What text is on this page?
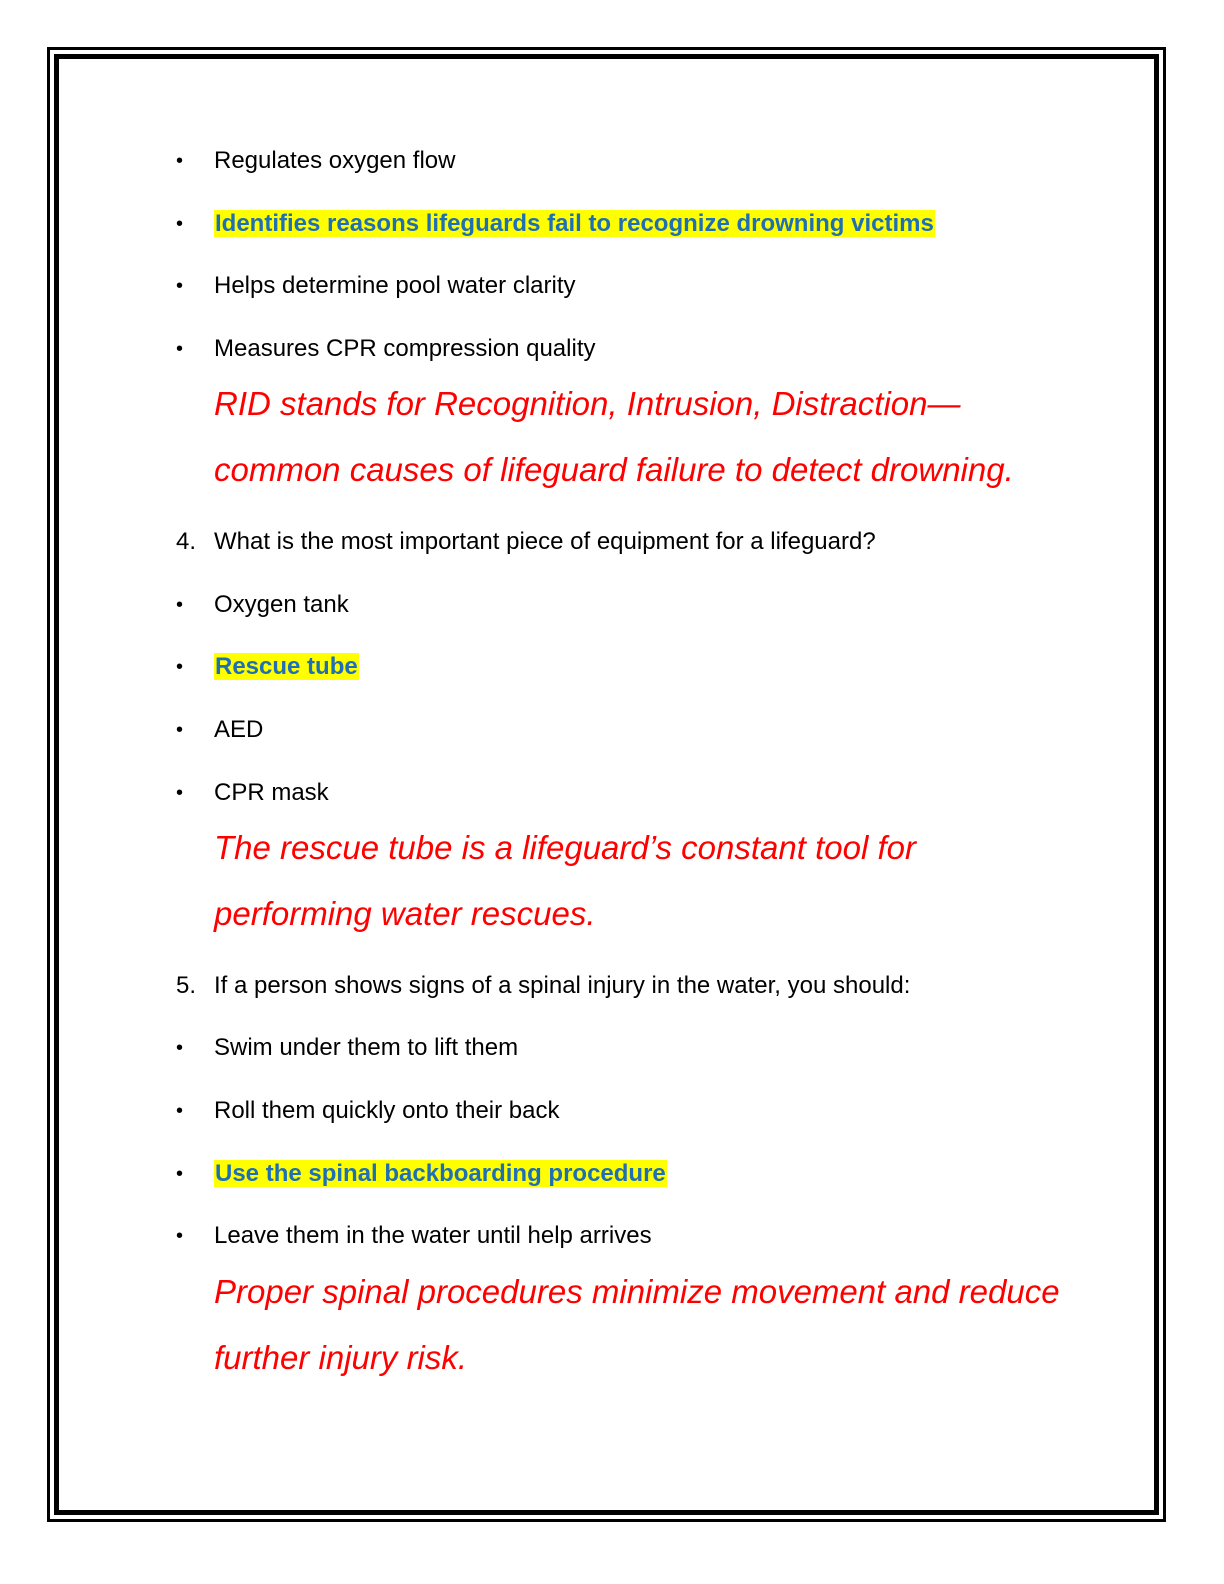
• Regulates oxygen flow
• Identifies reasons lifeguards fail to recognize drowning victims
• Helps determine pool water clarity
• Measures CPR compression quality
RID stands for Recognition, Intrusion, Distraction—
common causes of lifeguard failure to detect drowning.
4. What is the most important piece of equipment for a lifeguard?
• Oxygen tank
• Rescue tube
• AED
• CPR mask
The rescue tube is a lifeguard’s constant tool for
performing water rescues.
5. If a person shows signs of a spinal injury in the water, you should:
• Swim under them to lift them
• Roll them quickly onto their back
• Use the spinal backboarding procedure
• Leave them in the water until help arrives
Proper spinal procedures minimize movement and reduce
further injury risk.
